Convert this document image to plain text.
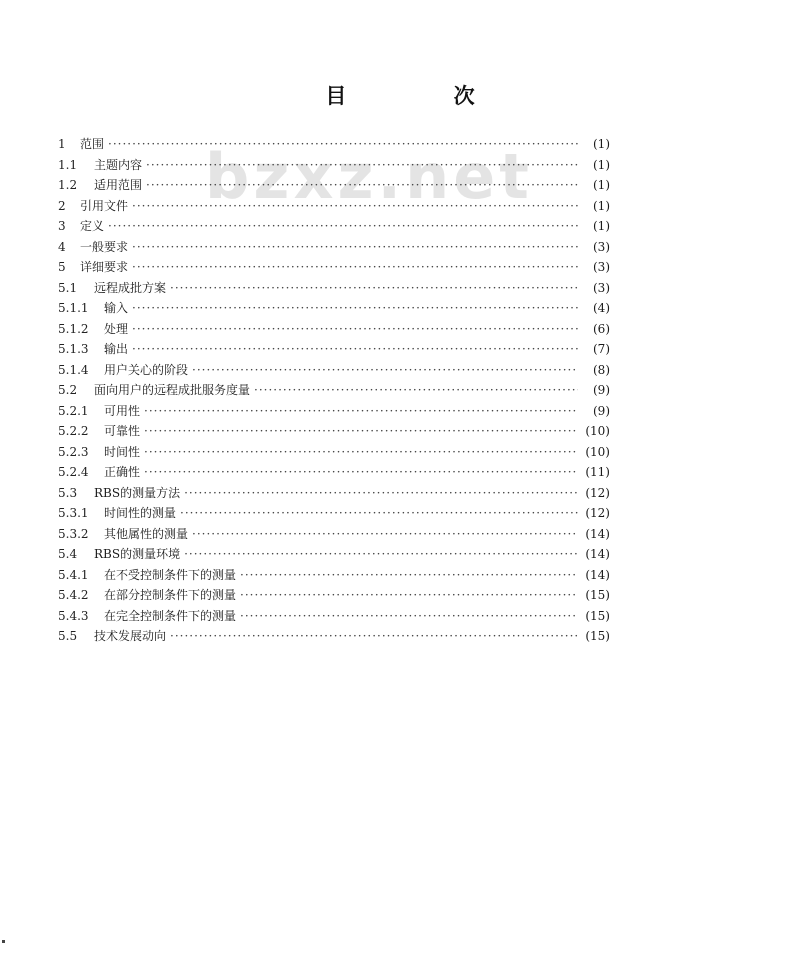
目 次
bzxz.net
1	范围 ·····	(1)
1.1	主题内容 ·····	(1)
1.2	适用范围 ·····	(1)
2	引用文件 ·····	(1)
3	定义 ·····	(1)
4	一般要求 ·····	(3)
5	详细要求 ·····	(3)
5.1	远程成批方案 ·····	(3)
5.1.1	输入 ·····	(4)
5.1.2	处理 ·····	(6)
5.1.3	输出 ·····	(7)
5.1.4	用户关心的阶段 ·····	(8)
5.2	面向用户的远程成批服务度量 ·····	(9)
5.2.1	可用性 ·····	(9)
5.2.2	可靠性 ·····	(10)
5.2.3	时间性 ·····	(10)
5.2.4	正确性 ·····	(11)
5.3	RBS的测量方法 ·····	(12)
5.3.1	时间性的测量 ·····	(12)
5.3.2	其他属性的测量 ·····	(14)
5.4	RBS的测量环境 ·····	(14)
5.4.1	在不受控制条件下的测量 ·····	(14)
5.4.2	在部分控制条件下的测量 ·····	(15)
5.4.3	在完全控制条件下的测量 ·····	(15)
5.5	技术发展动向 ·····	(15)
